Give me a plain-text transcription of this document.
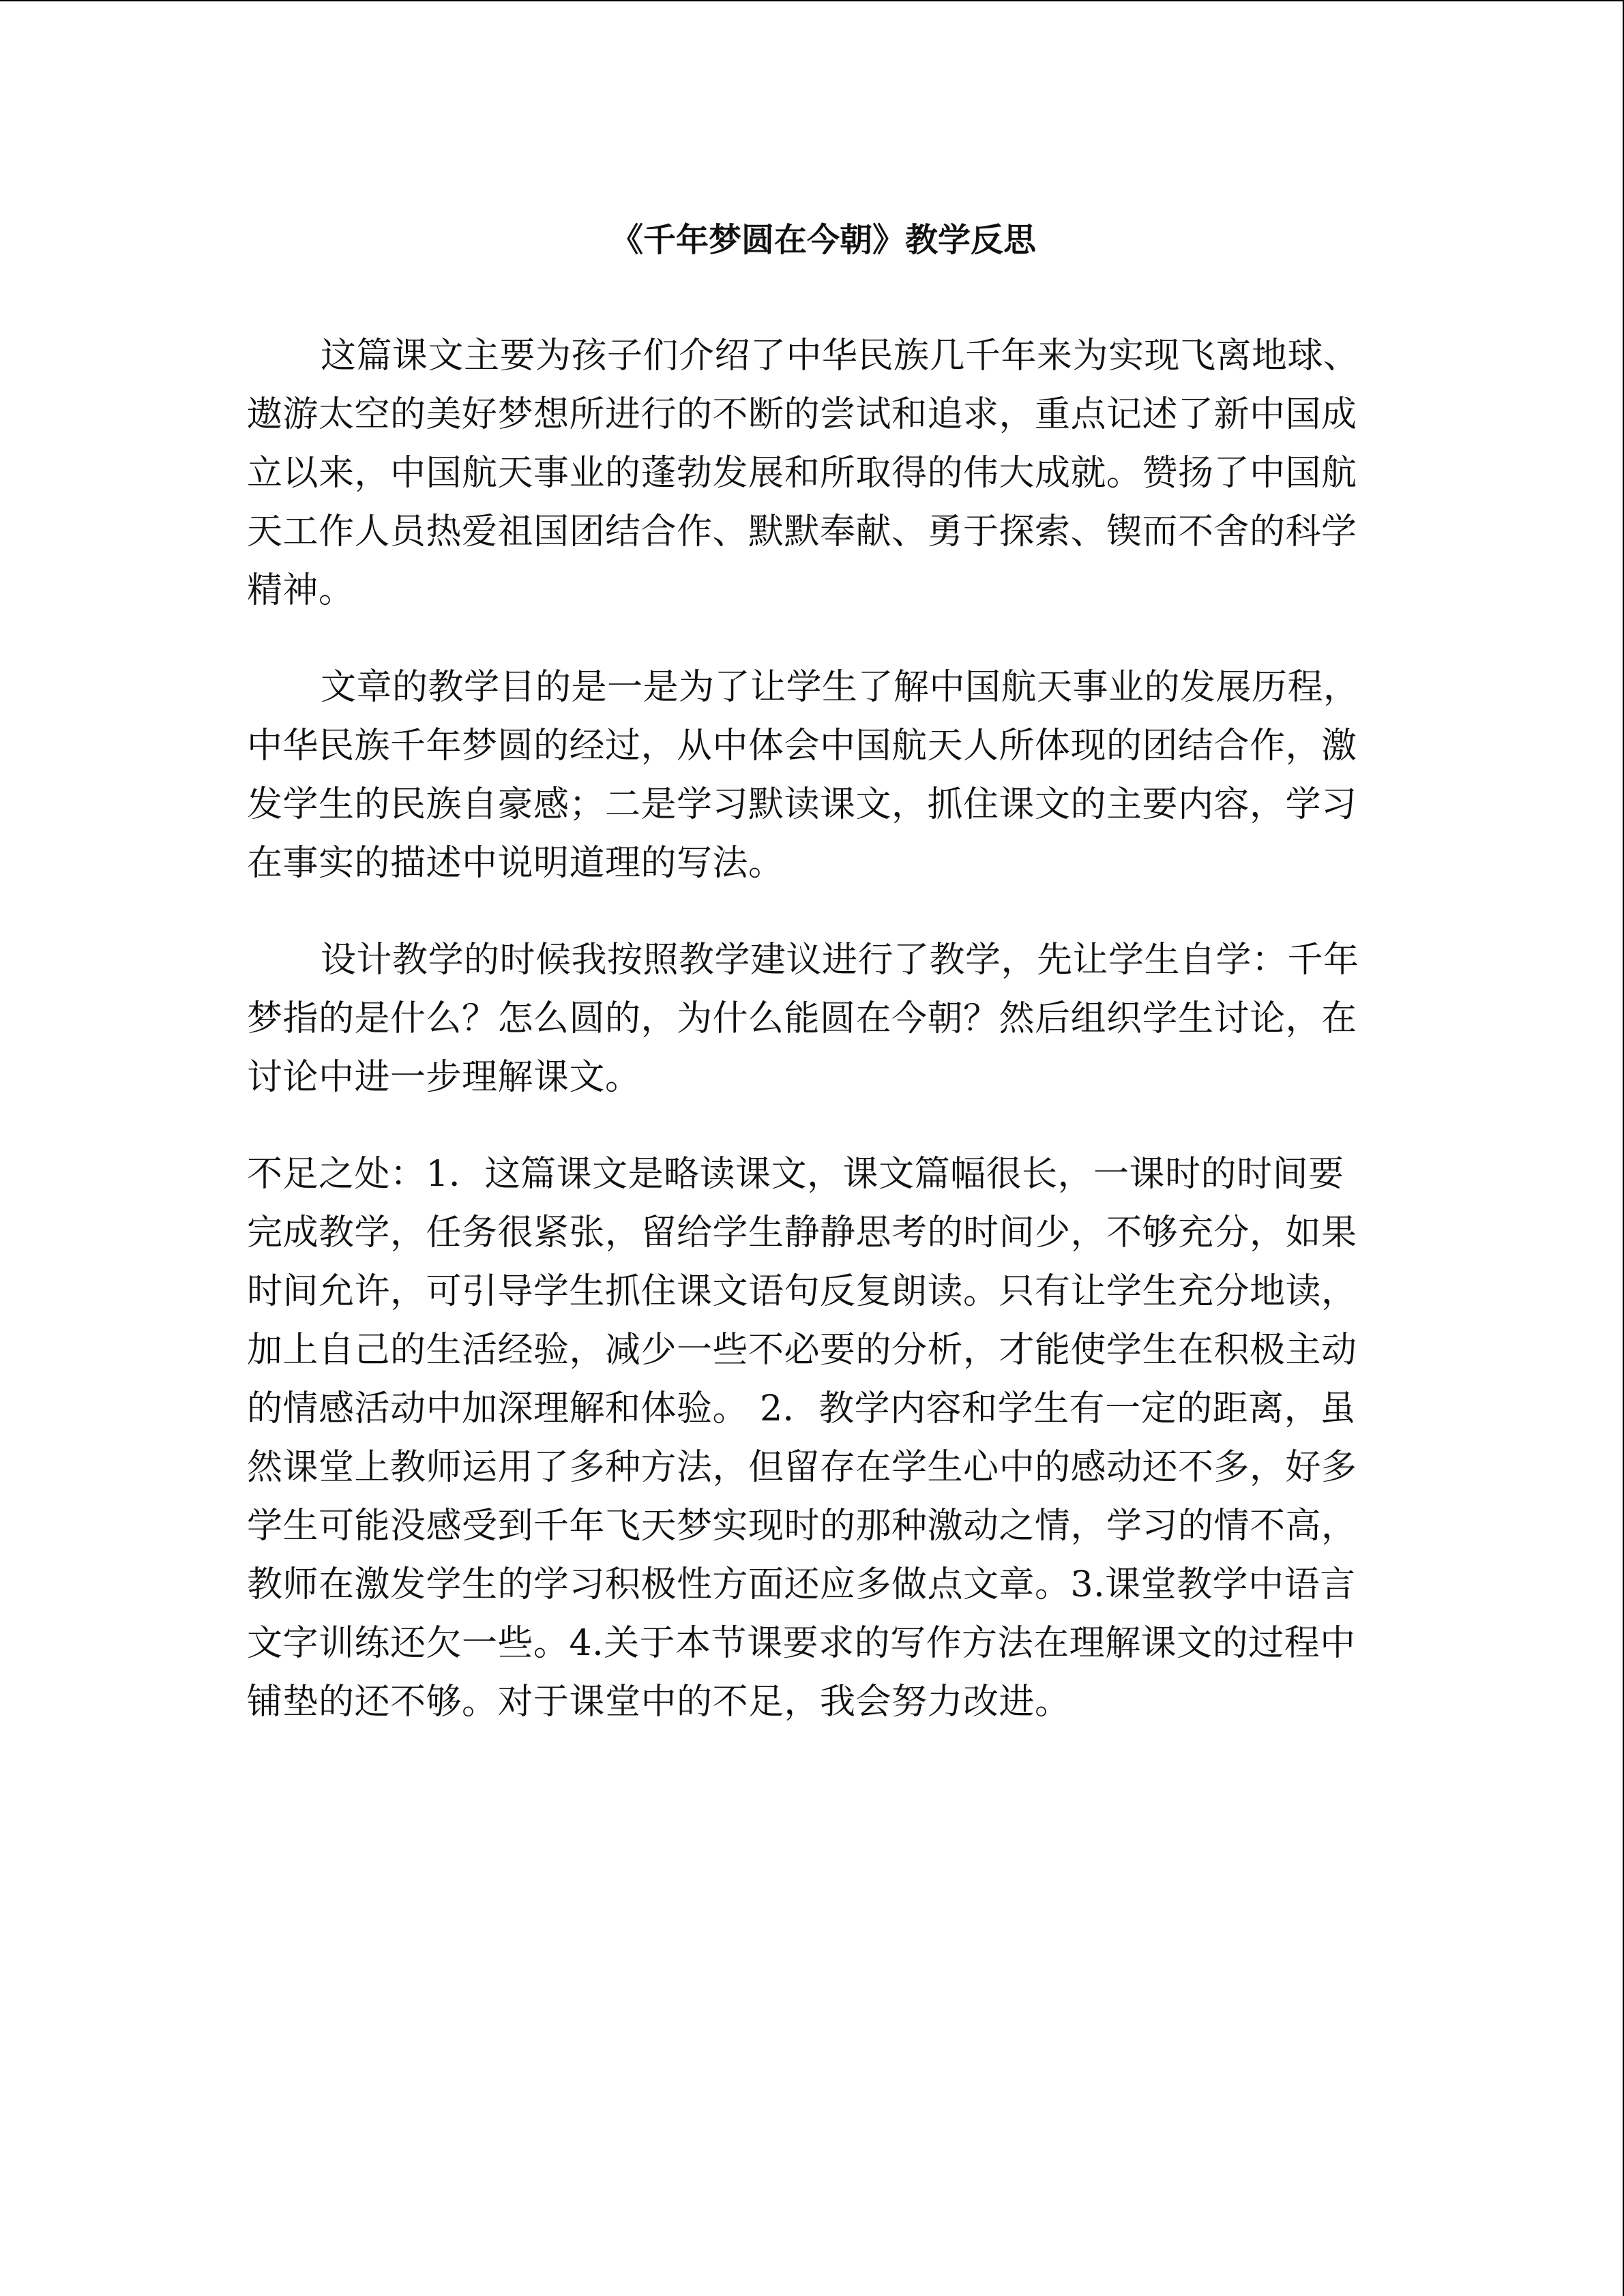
《千年梦圆在今朝》教学反思

这篇课文主要为孩子们介绍了中华民族几千年来为实现飞离地球、遨游太空的美好梦想所进行的不断的尝试和追求，重点记述了新中国成立以来，中国航天事业的蓬勃发展和所取得的伟大成就。赞扬了中国航天工作人员热爱祖国团结合作、默默奉献、勇于探索、锲而不舍的科学精神。

文章的教学目的是一是为了让学生了解中国航天事业的发展历程，中华民族千年梦圆的经过，从中体会中国航天人所体现的团结合作，激发学生的民族自豪感；二是学习默读课文，抓住课文的主要内容，学习在事实的描述中说明道理的写法。

设计教学的时候我按照教学建议进行了教学，先让学生自学：千年梦指的是什么？怎么圆的，为什么能圆在今朝？然后组织学生讨论，在讨论中进一步理解课文。

不足之处：1．这篇课文是略读课文，课文篇幅很长，一课时的时间要完成教学，任务很紧张，留给学生静静思考的时间少，不够充分，如果时间允许，可引导学生抓住课文语句反复朗读。只有让学生充分地读，加上自己的生活经验，减少一些不必要的分析，才能使学生在积极主动的情感活动中加深理解和体验。 2．教学内容和学生有一定的距离，虽然课堂上教师运用了多种方法，但留存在学生心中的感动还不多，好多学生可能没感受到千年飞天梦实现时的那种激动之情，学习的情不高，教师在激发学生的学习积极性方面还应多做点文章。3.课堂教学中语言文字训练还欠一些。4.关于本节课要求的写作方法在理解课文的过程中铺垫的还不够。对于课堂中的不足，我会努力改进。
